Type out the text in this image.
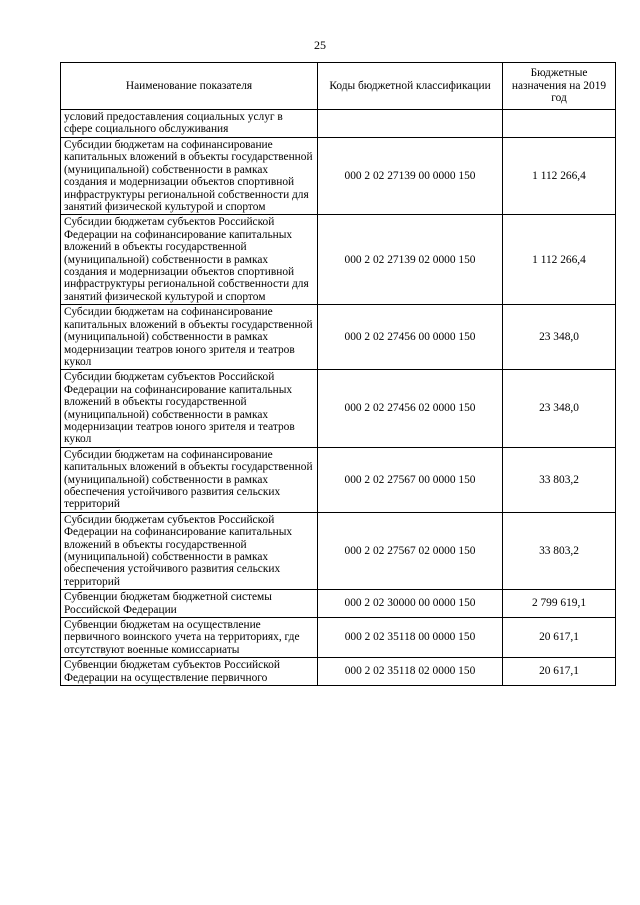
25
Наименование показателя	Коды бюджетной классификации	Бюджетные назначения на 2019 год
условий предоставления социальных услуг в сфере социального обслуживания		
Субсидии бюджетам на софинансирование капитальных вложений в объекты государственной (муниципальной) собственности в рамках создания и модернизации объектов спортивной инфраструктуры региональной собственности для занятий физической культурой и спортом	000 2 02 27139 00 0000 150	1 112 266,4
Субсидии бюджетам субъектов Российской Федерации на софинансирование капитальных вложений в объекты государственной (муниципальной) собственности в рамках создания и модернизации объектов спортивной инфраструктуры региональной собственности для занятий физической культурой и спортом	000 2 02 27139 02 0000 150	1 112 266,4
Субсидии бюджетам на софинансирование капитальных вложений в объекты государственной (муниципальной) собственности в рамках модернизации театров юного зрителя и театров кукол	000 2 02 27456 00 0000 150	23 348,0
Субсидии бюджетам субъектов Российской Федерации на софинансирование капитальных вложений в объекты государственной (муниципальной) собственности в рамках модернизации театров юного зрителя и театров кукол	000 2 02 27456 02 0000 150	23 348,0
Субсидии бюджетам на софинансирование капитальных вложений в объекты государственной (муниципальной) собственности в рамках обеспечения устойчивого развития сельских территорий	000 2 02 27567 00 0000 150	33 803,2
Субсидии бюджетам субъектов Российской Федерации на софинансирование капитальных вложений в объекты государственной (муниципальной) собственности в рамках обеспечения устойчивого развития сельских территорий	000 2 02 27567 02 0000 150	33 803,2
Субвенции бюджетам бюджетной системы Российской Федерации	000 2 02 30000 00 0000 150	2 799 619,1
Субвенции бюджетам на осуществление первичного воинского учета на территориях, где отсутствуют военные комиссариаты	000 2 02 35118 00 0000 150	20 617,1
Субвенции бюджетам субъектов Российской Федерации на осуществление первичного	000 2 02 35118 02 0000 150	20 617,1
